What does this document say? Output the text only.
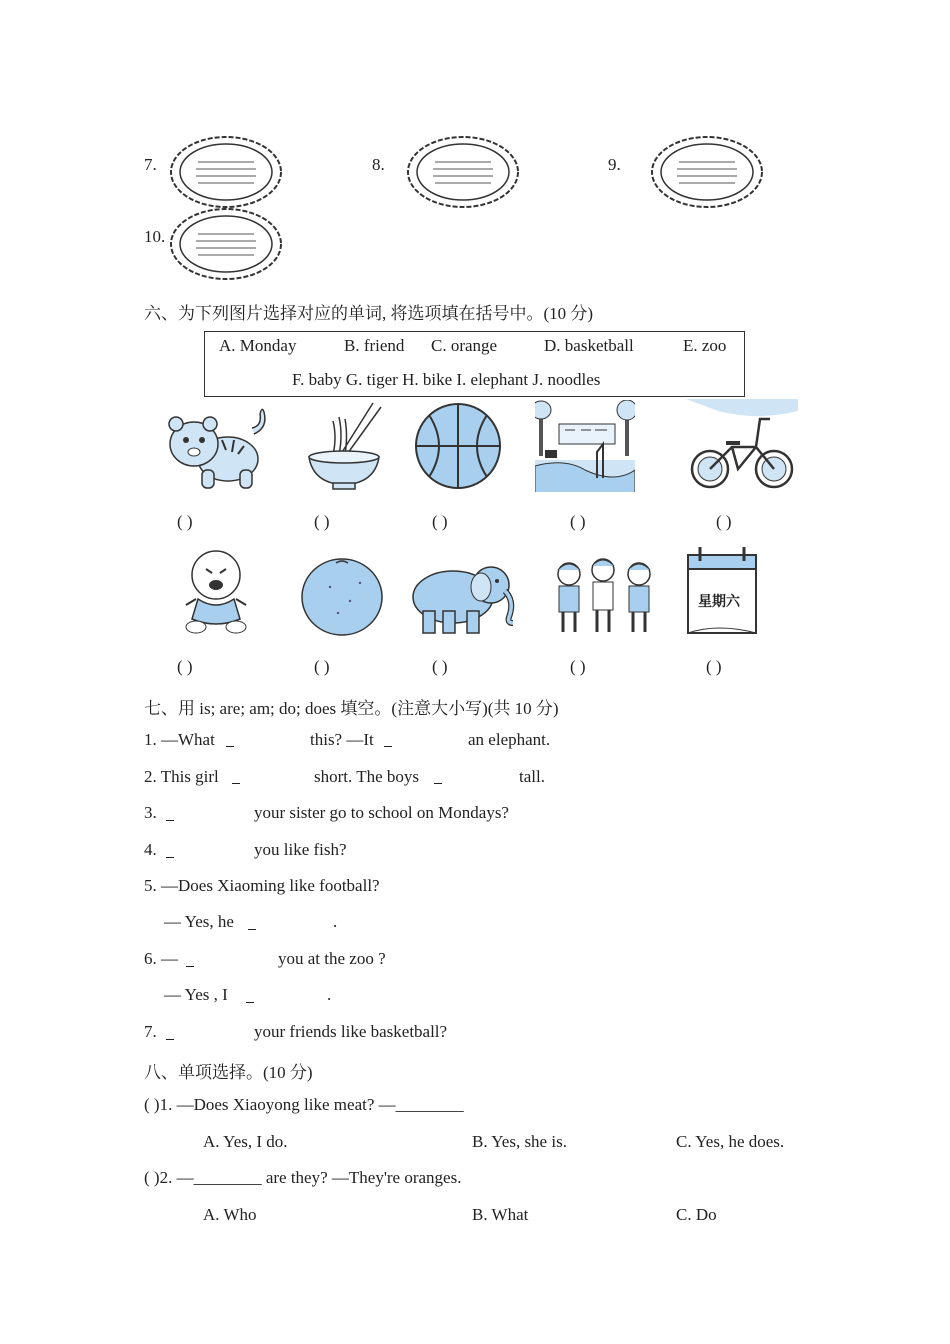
7.	8.	9.
10.
六、为下列图片选择对应的单词, 将选项填在括号中。(10 分)
A. Monday	B. friend C. orange	D. basketball	E. zoo
F. baby G. tiger H. bike I. elephant J. noodles
( )	( )	( )	( )	( )
星期六
( )	( )	( )	( )	( )
七、用 is; are; am; do; does 填空。(注意大小写)(共 10 分)
1. —What	this? —It	an elephant.
2. This girl	short. The boys	tall.
3.	your sister go to school on Mondays?
4.	you like fish?
5. —Does Xiaoming like football?
— Yes, he	.
6. —	you at the zoo ?
— Yes , I	.
7.	your friends like basketball?
八、单项选择。(10 分)
( )1. —Does Xiaoyong like meat? —________
A. Yes, I do.	B. Yes, she is.	C. Yes, he does.
( )2. —________ are they? —They're oranges.
A. Who	B. What	C. Do
